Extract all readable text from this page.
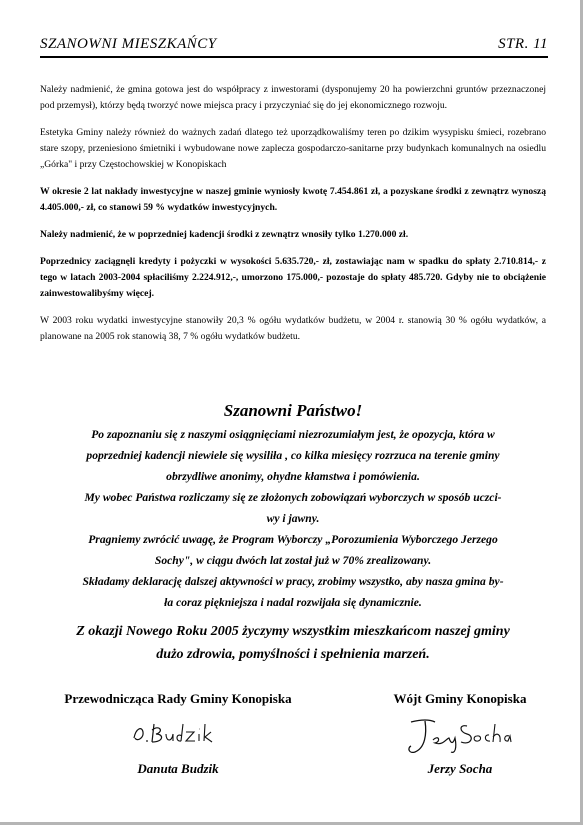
SZANOWNI MIESZKAŃCY	STR. 11

Należy nadmienić, że gmina gotowa jest do współpracy z inwestorami (dysponujemy 20 ha powierzchni gruntów przeznaczonej pod przemysł), którzy będą tworzyć nowe miejsca pracy i przyczyniać się do jej ekonomicznego rozwoju.

Estetyka Gminy należy również do ważnych zadań dlatego też uporządkowaliśmy teren po dzikim wysypisku śmieci, rozebrano stare szopy, przeniesiono śmietniki i wybudowane nowe zaplecza gospodarczo-sanitarne przy budynkach komunalnych na osiedlu „Górka" i przy Częstochowskiej w Konopiskach

W okresie 2 lat nakłady inwestycyjne w naszej gminie wyniosły kwotę 7.454.861 zł, a pozyskane środki z zewnątrz wynoszą 4.405.000,- zł, co stanowi 59 % wydatków inwestycyjnych.

Należy nadmienić, że w poprzedniej kadencji środki z zewnątrz wnosiły tylko 1.270.000 zł.

Poprzednicy zaciągnęli kredyty i pożyczki w wysokości 5.635.720,- zł, zostawiając nam w spadku do spłaty 2.710.814,- z tego w latach 2003-2004 spłaciliśmy 2.224.912,-, umorzono 175.000,- pozostaje do spłaty 485.720. Gdyby nie to obciążenie zainwestowalibyśmy więcej.

W 2003 roku wydatki inwestycyjne stanowiły 20,3 % ogółu wydatków budżetu, w 2004 r. stanowią 30 % ogółu wydatków, a planowane na 2005 rok stanowią 38, 7 % ogółu wydatków budżetu.

Szanowni Państwo!

Po zapoznaniu się z naszymi osiągnięciami niezrozumiałym jest, że opozycja, która w

poprzedniej kadencji niewiele się wysiliła , co kilka miesięcy rozrzuca na terenie gminy

obrzydliwe anonimy, ohydne kłamstwa i pomówienia.

My wobec Państwa rozliczamy się ze złożonych zobowiązań wyborczych w sposób uczci-

wy i jawny.

Pragniemy zwrócić uwagę, że Program Wyborczy „Porozumienia Wyborczego Jerzego

Sochy", w ciągu dwóch lat został już w 70% zrealizowany.

Składamy deklarację dalszej aktywności w pracy, zrobimy wszystko, aby nasza gmina by-

ła coraz piękniejsza i nadal rozwijała się dynamicznie.

Z okazji Nowego Roku 2005 życzymy wszystkim mieszkańcom naszej gminy
dużo zdrowia, pomyślności i spełnienia marzeń.

Przewodnicząca Rady Gminy Konopiska

Danuta Budzik

Wójt Gminy Konopiska

Jerzy Socha
